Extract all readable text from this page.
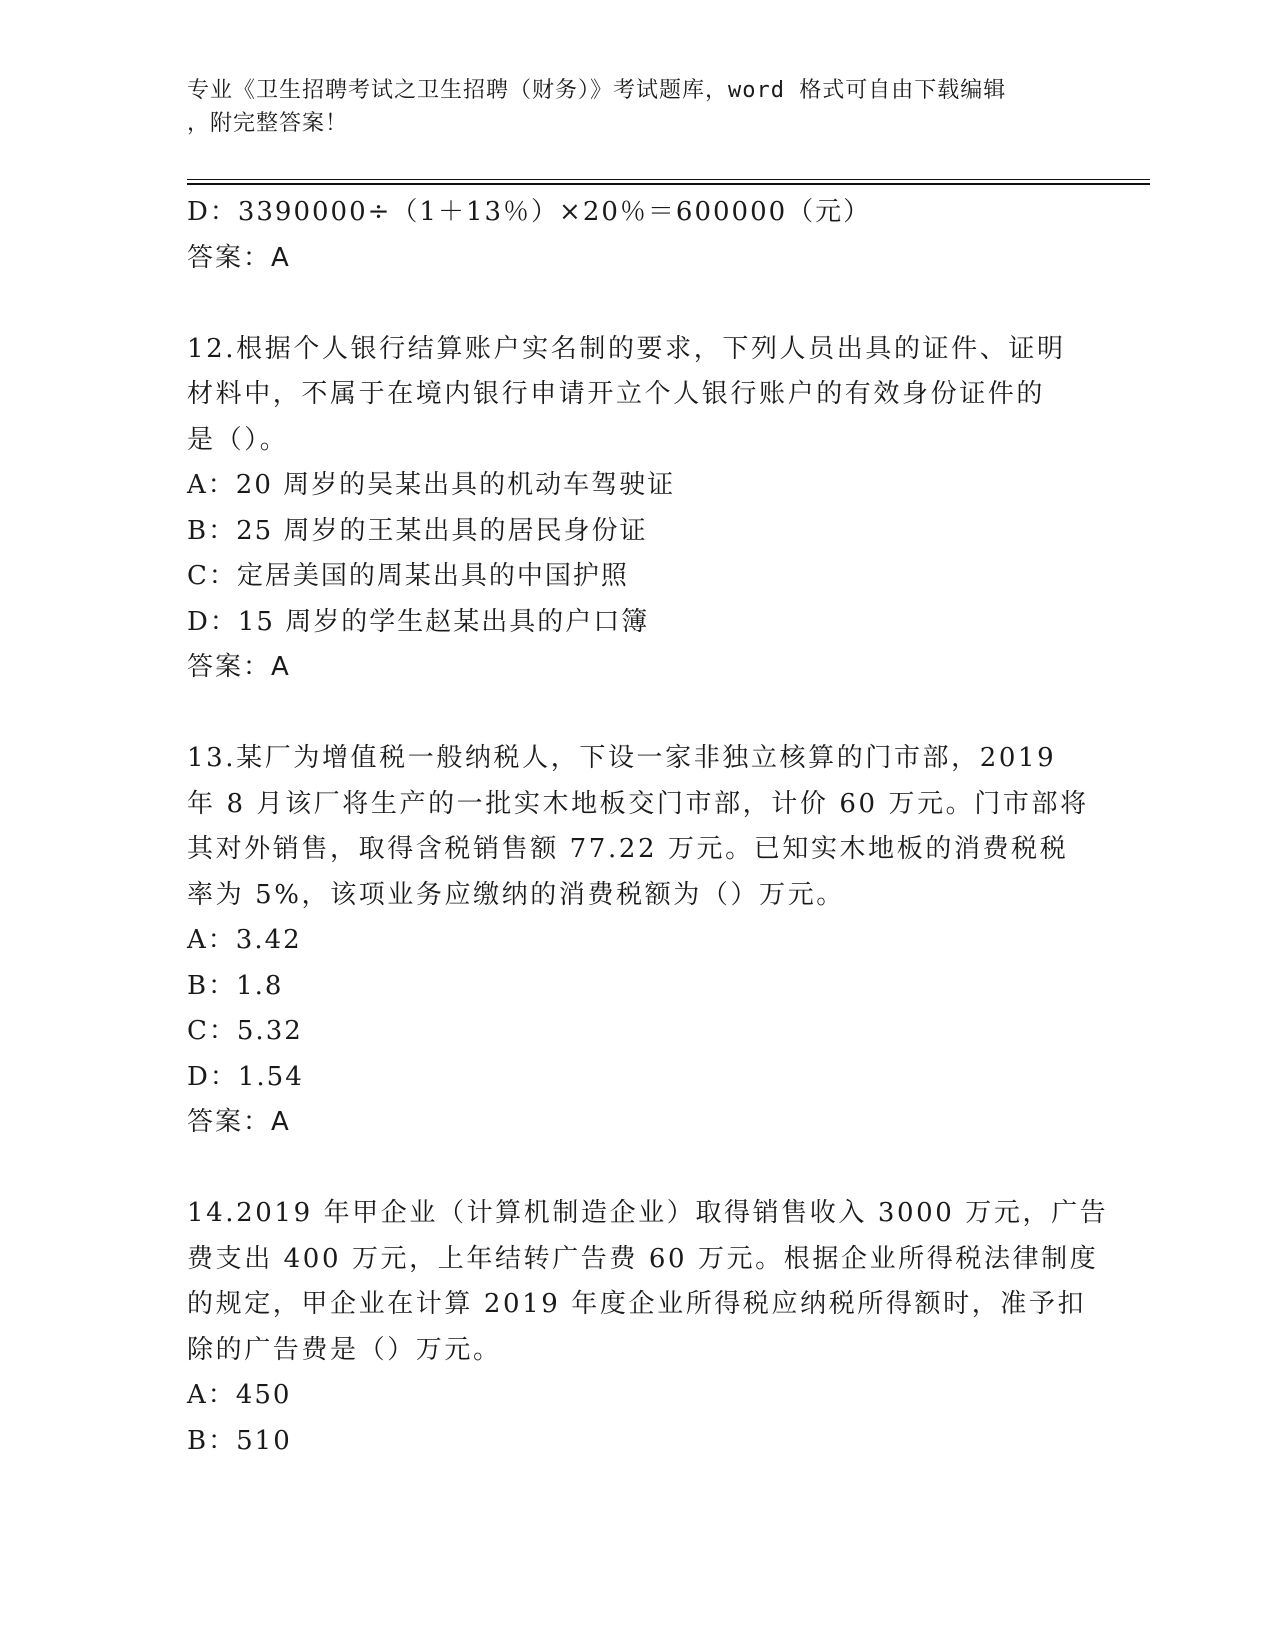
专业《卫生招聘考试之卫生招聘（财务）》考试题库，word 格式可自由下载编辑
，附完整答案！
D：3390000÷（1＋13％）×20％＝600000（元）
答案：A
12.根据个人银行结算账户实名制的要求，下列人员出具的证件、证明
材料中，不属于在境内银行申请开立个人银行账户的有效身份证件的
是（）。
A：20 周岁的吴某出具的机动车驾驶证
B：25 周岁的王某出具的居民身份证
C：定居美国的周某出具的中国护照
D：15 周岁的学生赵某出具的户口簿
答案：A
13.某厂为增值税一般纳税人，下设一家非独立核算的门市部，2019
年 8 月该厂将生产的一批实木地板交门市部，计价 60 万元。门市部将
其对外销售，取得含税销售额 77.22 万元。已知实木地板的消费税税
率为 5%，该项业务应缴纳的消费税额为（）万元。
A：3.42
B：1.8
C：5.32
D：1.54
答案：A
14.2019 年甲企业（计算机制造企业）取得销售收入 3000 万元，广告
费支出 400 万元，上年结转广告费 60 万元。根据企业所得税法律制度
的规定，甲企业在计算 2019 年度企业所得税应纳税所得额时，准予扣
除的广告费是（）万元。
A：450
B：510
